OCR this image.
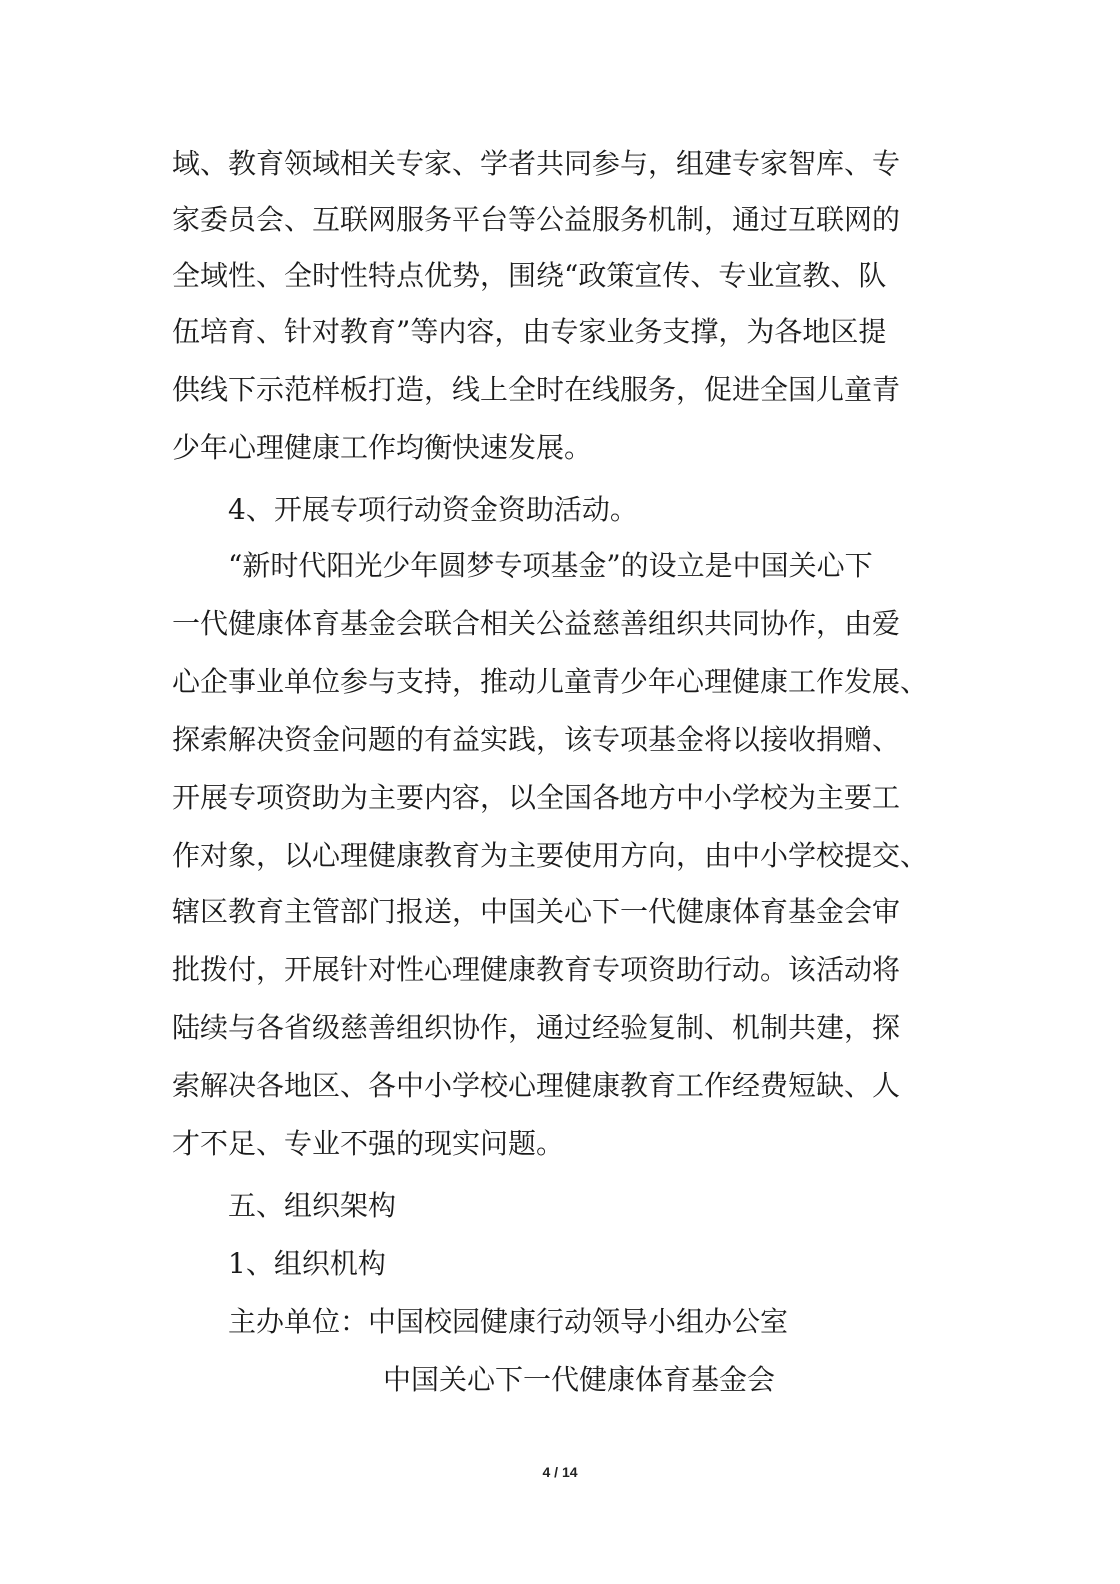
域、教育领域相关专家、学者共同参与，组建专家智库、专
家委员会、互联网服务平台等公益服务机制，通过互联网的
全域性、全时性特点优势，围绕“政策宣传、专业宣教、队
伍培育、针对教育”等内容，由专家业务支撑，为各地区提
供线下示范样板打造，线上全时在线服务，促进全国儿童青
少年心理健康工作均衡快速发展。
4、开展专项行动资金资助活动。
“新时代阳光少年圆梦专项基金”的设立是中国关心下
一代健康体育基金会联合相关公益慈善组织共同协作，由爱
心企事业单位参与支持，推动儿童青少年心理健康工作发展、
探索解决资金问题的有益实践，该专项基金将以接收捐赠、
开展专项资助为主要内容，以全国各地方中小学校为主要工
作对象，以心理健康教育为主要使用方向，由中小学校提交、
辖区教育主管部门报送，中国关心下一代健康体育基金会审
批拨付，开展针对性心理健康教育专项资助行动。该活动将
陆续与各省级慈善组织协作，通过经验复制、机制共建，探
索解决各地区、各中小学校心理健康教育工作经费短缺、人
才不足、专业不强的现实问题。
五、组织架构
1、组织机构
主办单位：中国校园健康行动领导小组办公室
中国关心下一代健康体育基金会
4 / 14
